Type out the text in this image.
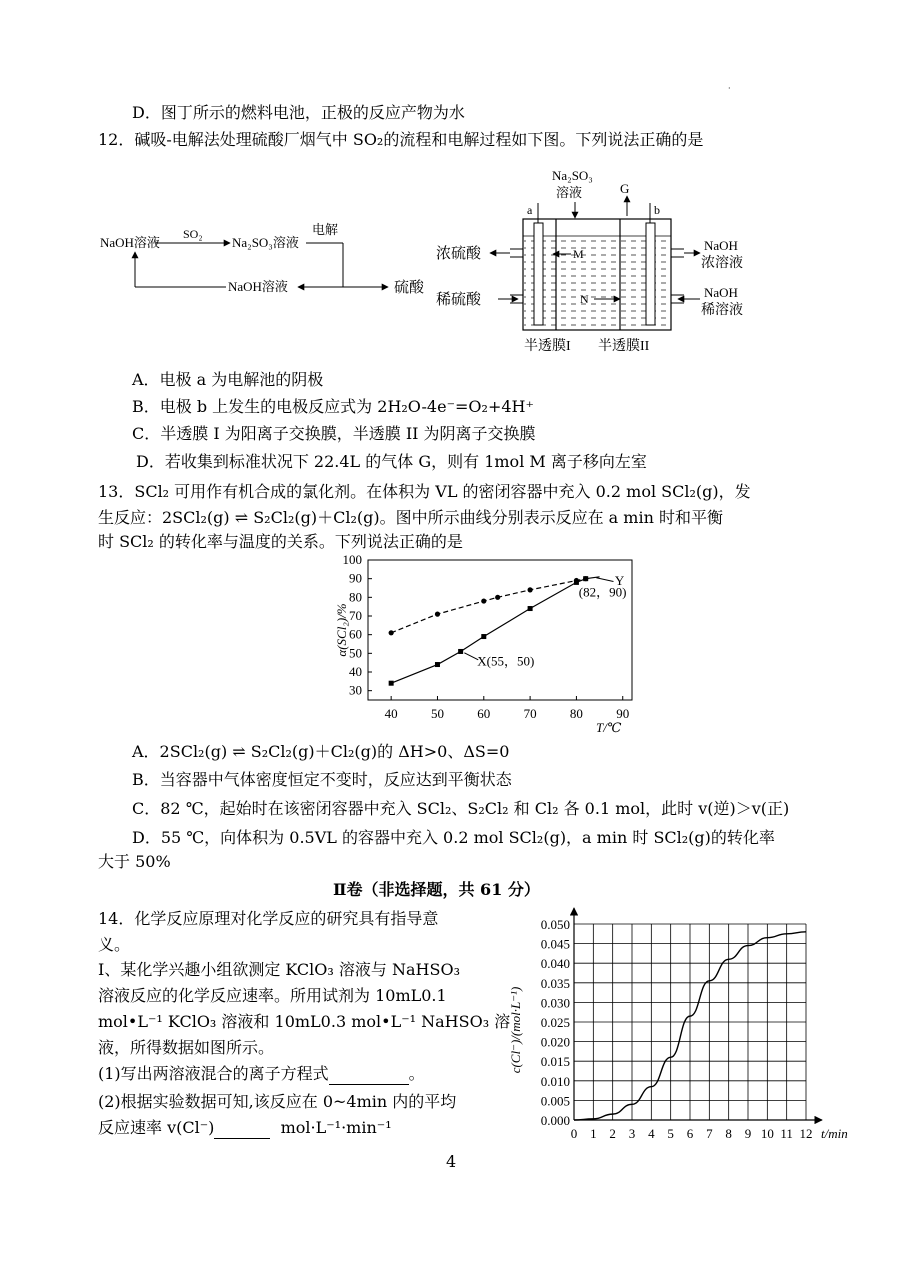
·
D．图丁所示的燃料电池，正极的反应产物为水
12．碱吸-电解法处理硫酸厂烟气中 SO₂的流程和电解过程如下图。下列说法正确的是
NaOH溶液
SO₂
Na₂SO₃溶液
电解
NaOH溶液	硫酸
Na₂SO₃
溶液	G
a	b
M
N
浓硫酸
稀硫酸
NaOH
浓溶液
NaOH
稀溶液
半透膜I 半透膜II
A．电极 a 为电解池的阴极
B．电极 b 上发生的电极反应式为 2H₂O-4e⁻=O₂+4H⁺
C．半透膜 I 为阳离子交换膜，半透膜 II 为阴离子交换膜
D．若收集到标准状况下 22.4L 的气体 G，则有 1mol M 离子移向左室
13．SCl₂ 可用作有机合成的氯化剂。在体积为 VL 的密闭容器中充入 0.2 mol SCl₂(g)，发
生反应：2SCl₂(g) ⇌ S₂Cl₂(g)＋Cl₂(g)。图中所示曲线分别表示反应在 a min 时和平衡
时 SCl₂ 的转化率与温度的关系。下列说法正确的是
40	50	60	70	80	90
30
40
50
60
70
80
90
100
Y
(82，90)
X(55，50)
α(SCl₂)/%
T/℃
A．2SCl₂(g) ⇌ S₂Cl₂(g)＋Cl₂(g)的 ΔH>0、ΔS=0
B．当容器中气体密度恒定不变时，反应达到平衡状态
C．82 ℃，起始时在该密闭容器中充入 SCl₂、S₂Cl₂ 和 Cl₂ 各 0.1 mol，此时 v(逆)＞v(正)
D．55 ℃，向体积为 0.5VL 的容器中充入 0.2 mol SCl₂(g)，a min 时 SCl₂(g)的转化率
大于 50%
Ⅱ卷（非选择题，共 61 分）
14．化学反应原理对化学反应的研究具有指导意
义。
I、某化学兴趣小组欲测定 KClO₃ 溶液与 NaHSO₃
溶液反应的化学反应速率。所用试剂为 10mL0.1
mol•L⁻¹ KClO₃ 溶液和 10mL0.3 mol•L⁻¹ NaHSO₃ 溶
液，所得数据如图所示。
(1)写出两溶液混合的离子方程式	。
(2)根据实验数据可知,该反应在 0~4min 内的平均
反应速率 v(Cl⁻)	mol·L⁻¹·min⁻¹	0 1 2 3 4 5 6 7 8 9 10 11 12
0.000
0.005
0.010
0.015
0.020
0.025
0.030
0.035
0.040
0.045
0.050
t/min
c(Cl⁻)/(mol·L⁻¹)
4
